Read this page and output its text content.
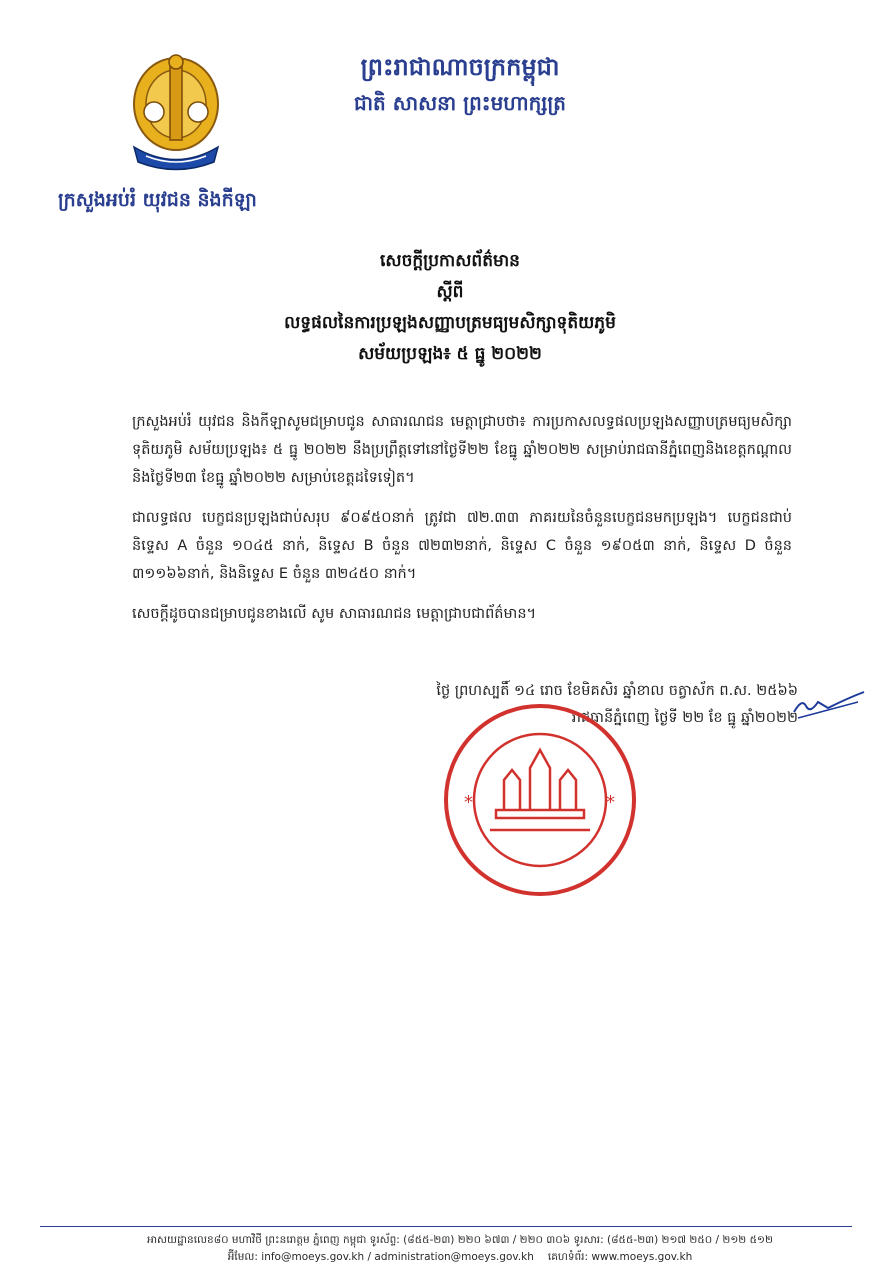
ព្រះរាជាណាចក្រកម្ពុជា
ជាតិ សាសនា ព្រះមហាក្សត្រ
ក្រសួងអប់រំ យុវជន និងកីឡា
សេចក្តីប្រកាសព័ត៌មាន
ស្តីពី
លទ្ធផលនៃការប្រឡងសញ្ញាបត្រមធ្យមសិក្សាទុតិយភូមិ
សម័យប្រឡង៖ ៥ ធ្នូ ២០២២

ក្រសួងអប់រំ យុវជន និងកីឡាសូមជម្រាបជូន សាធារណជន មេត្តាជ្រាបថា៖ ការប្រកាសលទ្ធផលប្រឡងសញ្ញាបត្រមធ្យមសិក្សាទុតិយភូមិ សម័យប្រឡង៖ ៥ ធ្នូ ២០២២ នឹងប្រព្រឹត្តទៅនៅថ្ងៃទី២២ ខែធ្នូ ឆ្នាំ២០២២ សម្រាប់រាជធានីភ្នំពេញនិងខេត្តកណ្តាល និងថ្ងៃទី២៣ ខែធ្នូ ឆ្នាំ២០២២ សម្រាប់ខេត្តដទៃទៀត។

ជាលទ្ធផល បេក្ខជនប្រឡងជាប់សរុប ៩០៩៥០នាក់ ត្រូវជា ៧២.៣៣ ភាគរយនៃចំនួនបេក្ខជនមកប្រឡង។ បេក្ខជនជាប់និទ្ទេស A ចំនួន ១០៤៥ នាក់, និទ្ទេស B ចំនួន ៧២៣២នាក់, និទ្ទេស C ចំនួន ១៩០៥៣ នាក់, និទ្ទេស D ចំនួន ៣១១៦៦នាក់, និងនិទ្ទេស E ចំនួន ៣២៤៥០ នាក់។

សេចក្តីដូចបានជម្រាបជូនខាងលើ សូម សាធារណជន មេត្តាជ្រាបជាព័ត៌មាន។

ថ្ងៃ ព្រហស្បតិ៍ ១៤ រោច ខែមិគសិរ ឆ្នាំខាល ចត្វាស័ក ព.ស. ២៥៦៦
រាជធានីភ្នំពេញ ថ្ងៃទី ២២ ខែ ធ្នូ ឆ្នាំ២០២២
*	*
អាសយដ្ឋានលេខ៨០ មហាវិថី ព្រះនរោត្តម ភ្នំពេញ កម្ពុជា ទូរស័ព្ទ: (៨៥៥-២៣) ២២០ ៦៧៣ / ២២០ ៣០៦ ទូរសារ: (៨៥៥-២៣) ២១៧ ២៥០ / ២១២ ៥១២
អ៊ីមែល: info@moeys.gov.kh / administration@moeys.gov.kh គេហទំព័រ: www.moeys.gov.kh
